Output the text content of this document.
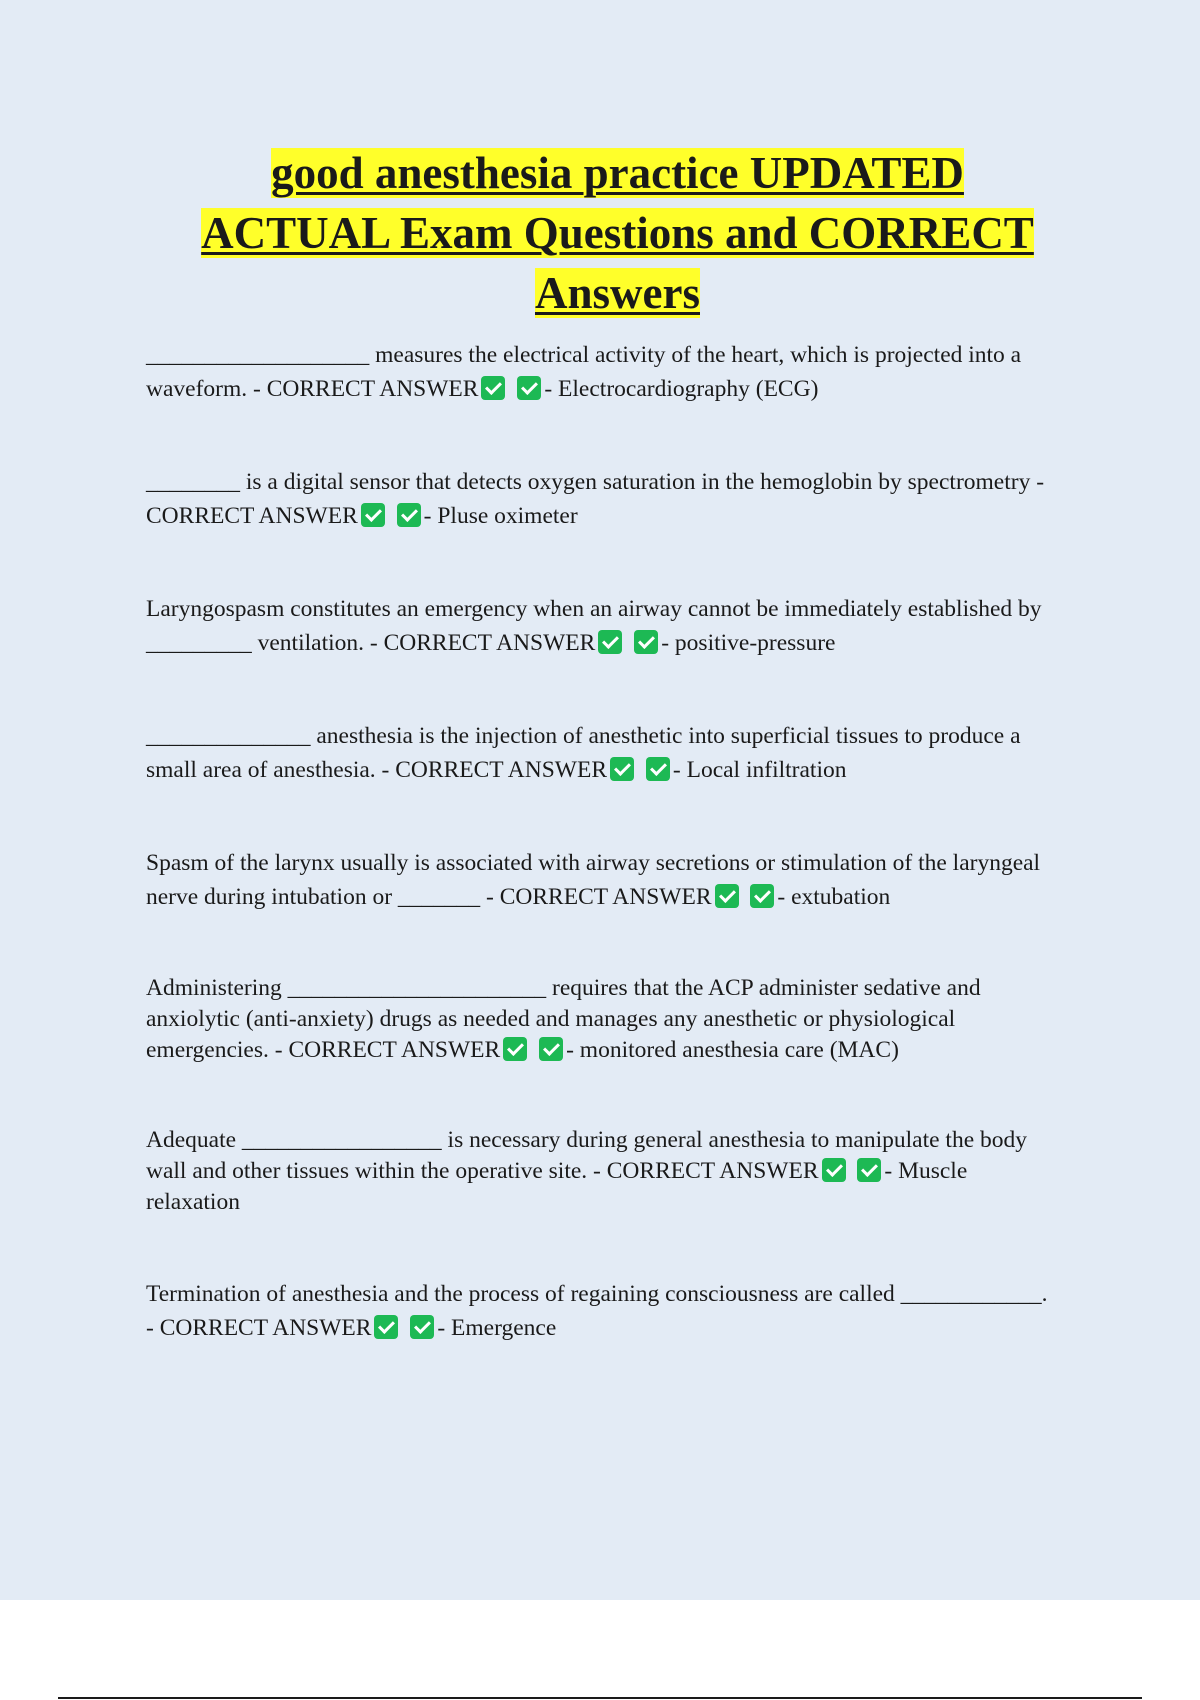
good anesthesia practice UPDATED
ACTUAL Exam Questions and CORRECT
Answers

___________________ measures the electrical activity of the heart, which is projected into a
waveform. - CORRECT ANSWER	- Electrocardiography (ECG)

________ is a digital sensor that detects oxygen saturation in the hemoglobin by spectrometry -
CORRECT ANSWER	- Pluse oximeter

Laryngospasm constitutes an emergency when an airway cannot be immediately established by
_________ ventilation. - CORRECT ANSWER	- positive-pressure

______________ anesthesia is the injection of anesthetic into superficial tissues to produce a
small area of anesthesia. - CORRECT ANSWER	- Local infiltration

Spasm of the larynx usually is associated with airway secretions or stimulation of the laryngeal
nerve during intubation or _______ - CORRECT ANSWER	- extubation

Administering ______________________ requires that the ACP administer sedative and
anxiolytic (anti-anxiety) drugs as needed and manages any anesthetic or physiological
emergencies. - CORRECT ANSWER	- monitored anesthesia care (MAC)

Adequate _________________ is necessary during general anesthesia to manipulate the body
wall and other tissues within the operative site. - CORRECT ANSWER	- Muscle
relaxation

Termination of anesthesia and the process of regaining consciousness are called ____________.
- CORRECT ANSWER	- Emergence
